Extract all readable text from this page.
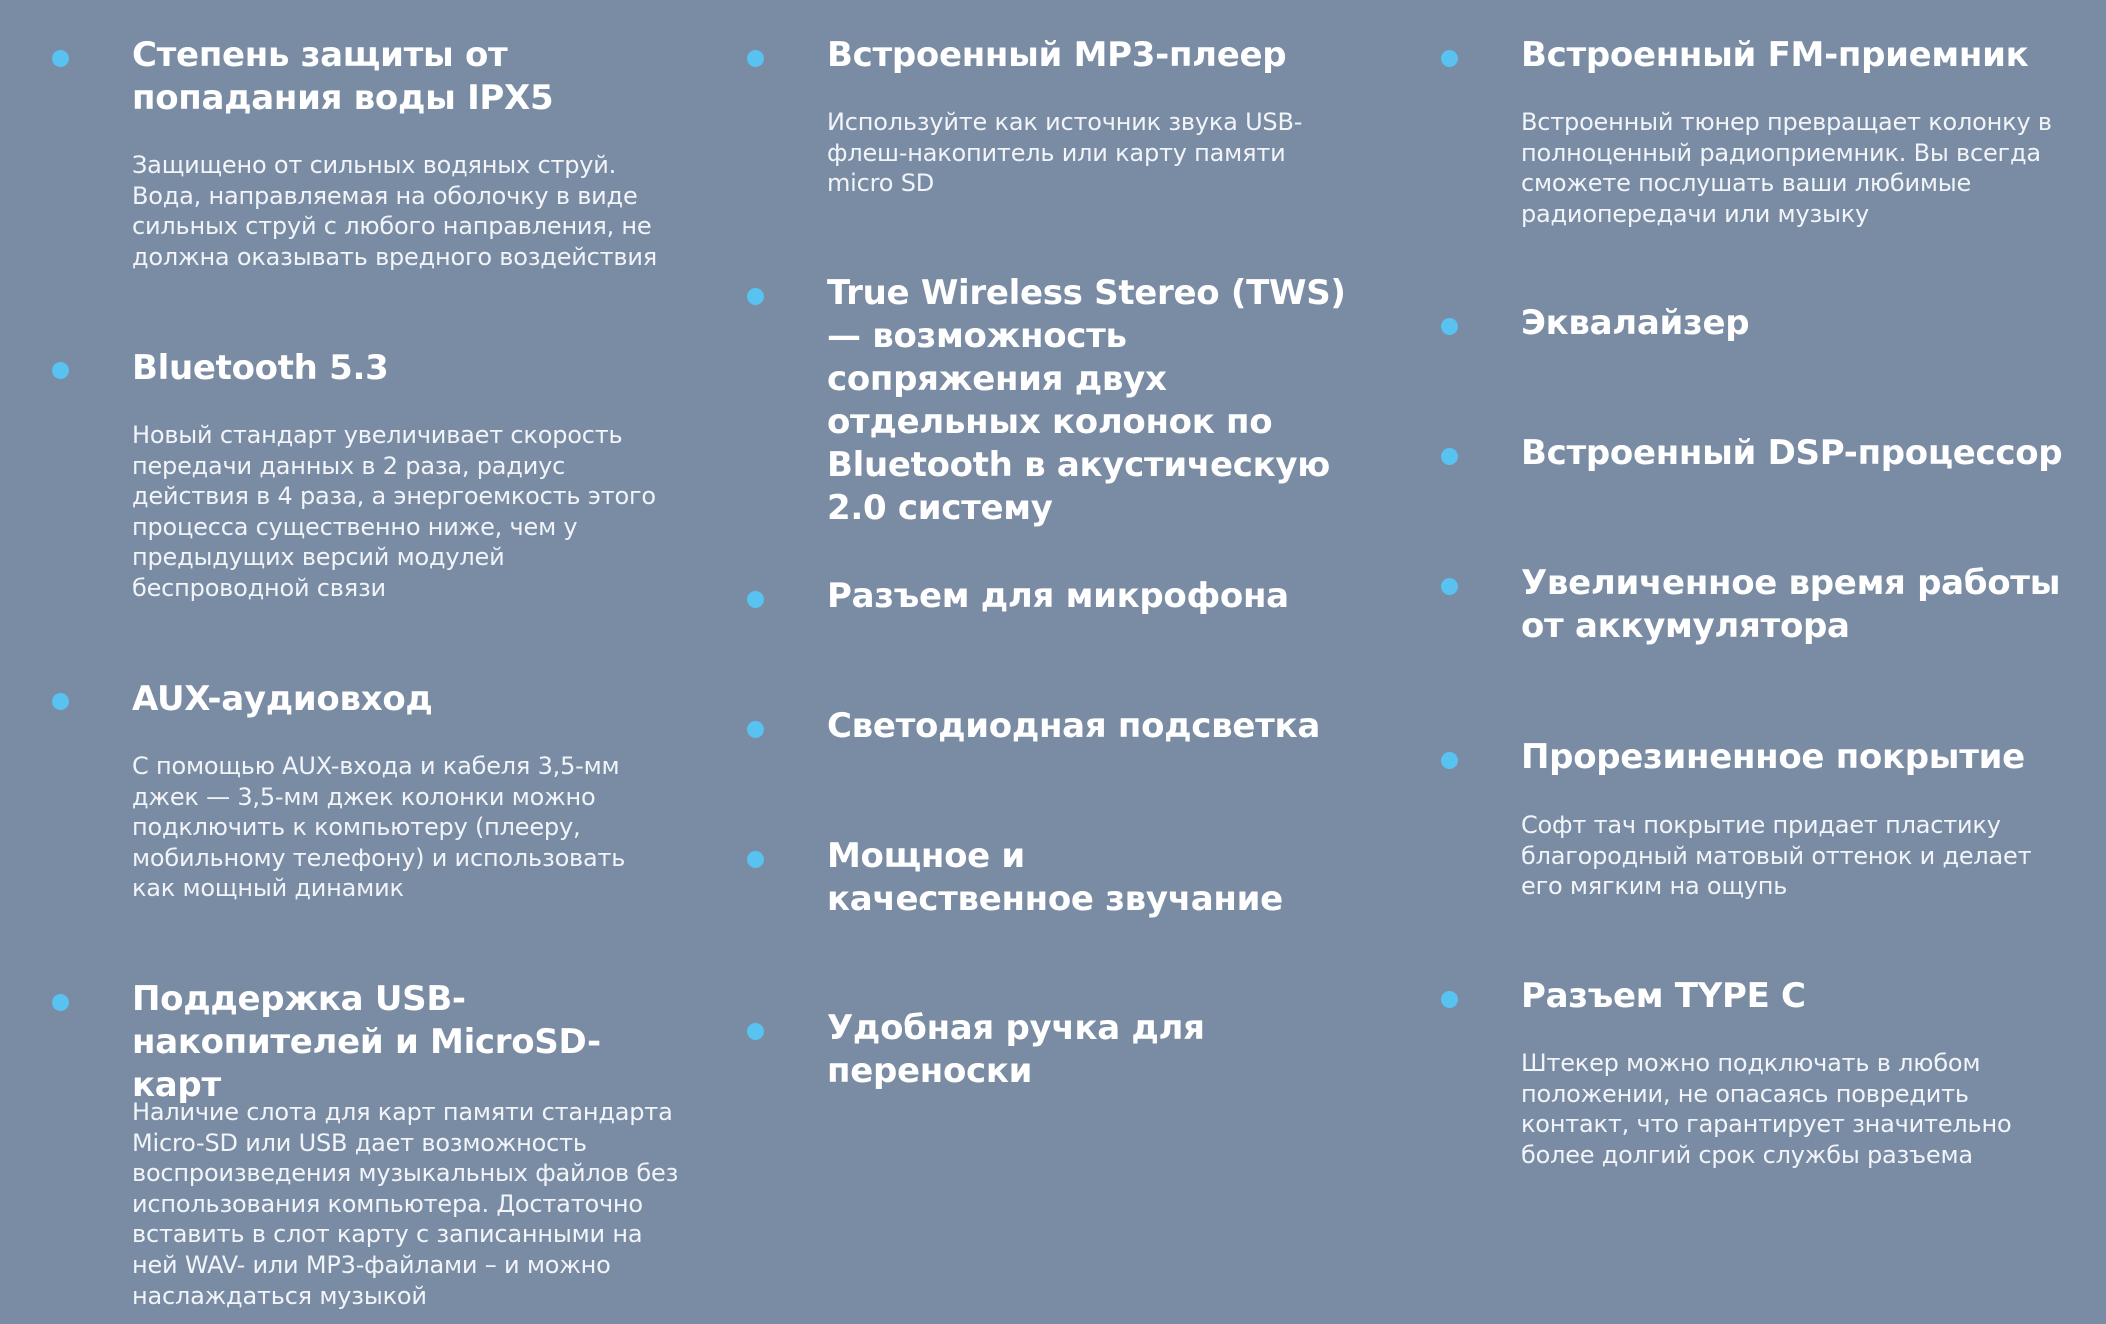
Степень защиты от попадания воды IPX5

Защищено от сильных водяных струй. Вода, направляемая на оболочку в виде сильных струй с любого направления, не должна оказывать вредного воздействия

Bluetooth 5.3

Новый стандарт увеличивает скорость передачи данных в 2 раза, радиус действия в 4 раза, а энергоемкость этого процесса существенно ниже, чем у предыдущих версий модулей беспроводной связи

AUX-аудиовход

С помощью AUX-входа и кабеля 3,5-мм джек — 3,5-мм джек колонки можно подключить к компьютеру (плееру, мобильному телефону) и использовать как мощный динамик

Поддержка USB-накопителей и MicroSD-карт

Наличие слота для карт памяти стандарта Micro-SD или USB дает возможность воспроизведения музыкальных файлов без использования компьютера. Достаточно вставить в слот карту с записанными на ней WAV- или MP3-файлами – и можно наслаждаться музыкой

Встроенный MP3-плеер

Используйте как источник звука USB-флеш-накопитель или карту памяти micro SD

True Wireless Stereo (TWS) — возможность сопряжения двух отдельных колонок по Bluetooth в акустическую 2.0 систему
Разъем для микрофона
Светодиодная подсветка
Мощное и качественное звучание
Удобная ручка для переноски
Встроенный FM-приемник

Встроенный тюнер превращает колонку в полноценный радиоприемник. Вы всегда сможете послушать ваши любимые радиопередачи или музыку

Эквалайзер
Встроенный DSP-процессор
Увеличенное время работы от аккумулятора
Прорезиненное покрытие

Софт тач покрытие придает пластику благородный матовый оттенок и делает его мягким на ощупь

Разъем TYPE C

Штекер можно подключать в любом положении, не опасаясь повредить контакт, что гарантирует значительно более долгий срок службы разъема
